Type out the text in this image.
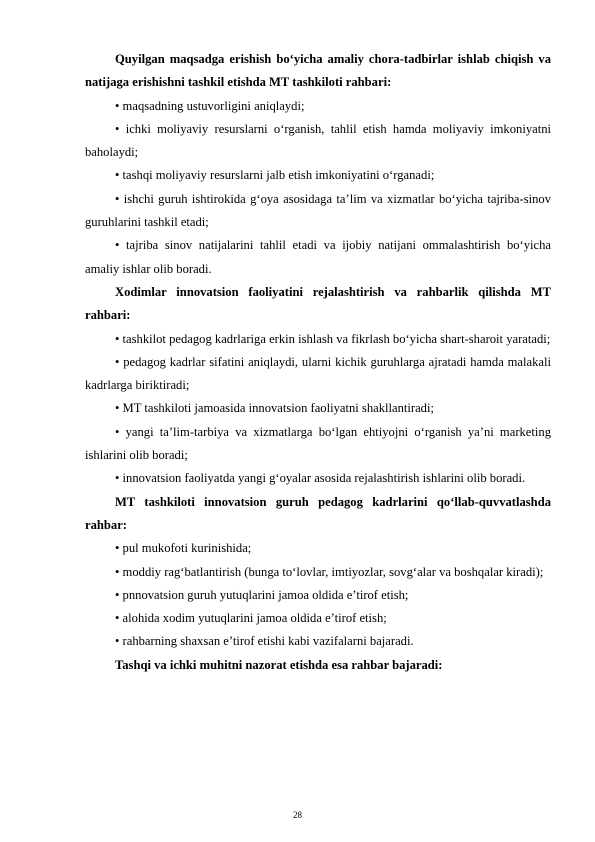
Quyilgan maqsadga erishish bo‘yicha amaliy chora-tadbirlar ishlab chiqish va natijaga erishishni tashkil etishda MT tashkiloti rahbari:

• maqsadning ustuvorligini aniqlaydi;

• ichki moliyaviy resurslarni o‘rganish, tahlil etish hamda moliyaviy imkoniyatni baholaydi;

• tashqi moliyaviy resurslarni jalb etish imkoniyatini o‘rganadi;

• ishchi guruh ishtirokida g‘oya asosidaga ta’lim va xizmatlar bo‘yicha tajriba-sinov guruhlarini tashkil etadi;

• tajriba sinov natijalarini tahlil etadi va ijobiy natijani ommalashtirish bo‘yicha amaliy ishlar olib boradi.

Xodimlar innovatsion faoliyatini rejalashtirish va rahbarlik qilishda MT rahbari:

• tashkilot pedagog kadrlariga erkin ishlash va fikrlash bo‘yicha shart-sharoit yaratadi;

• pedagog kadrlar sifatini aniqlaydi, ularni kichik guruhlarga ajratadi hamda malakali kadrlarga biriktiradi;

• MT tashkiloti jamoasida innovatsion faoliyatni shakllantiradi;

• yangi ta’lim-tarbiya va xizmatlarga bo‘lgan ehtiyojni o‘rganish ya’ni marketing ishlarini olib boradi;

• innovatsion faoliyatda yangi g‘oyalar asosida rejalashtirish ishlarini olib boradi.

MT tashkiloti innovatsion guruh pedagog kadrlarini qo‘llab-quvvatlashda rahbar:

• pul mukofoti kurinishida;

• moddiy rag‘batlantirish (bunga to‘lovlar, imtiyozlar, sovg‘alar va boshqalar kiradi);

• pnnovatsion guruh yutuqlarini jamoa oldida e’tirof etish;

• alohida xodim yutuqlarini jamoa oldida e’tirof etish;

• rahbarning shaxsan e’tirof etishi kabi vazifalarni bajaradi.

Tashqi va ichki muhitni nazorat etishda esa rahbar bajaradi:

28
